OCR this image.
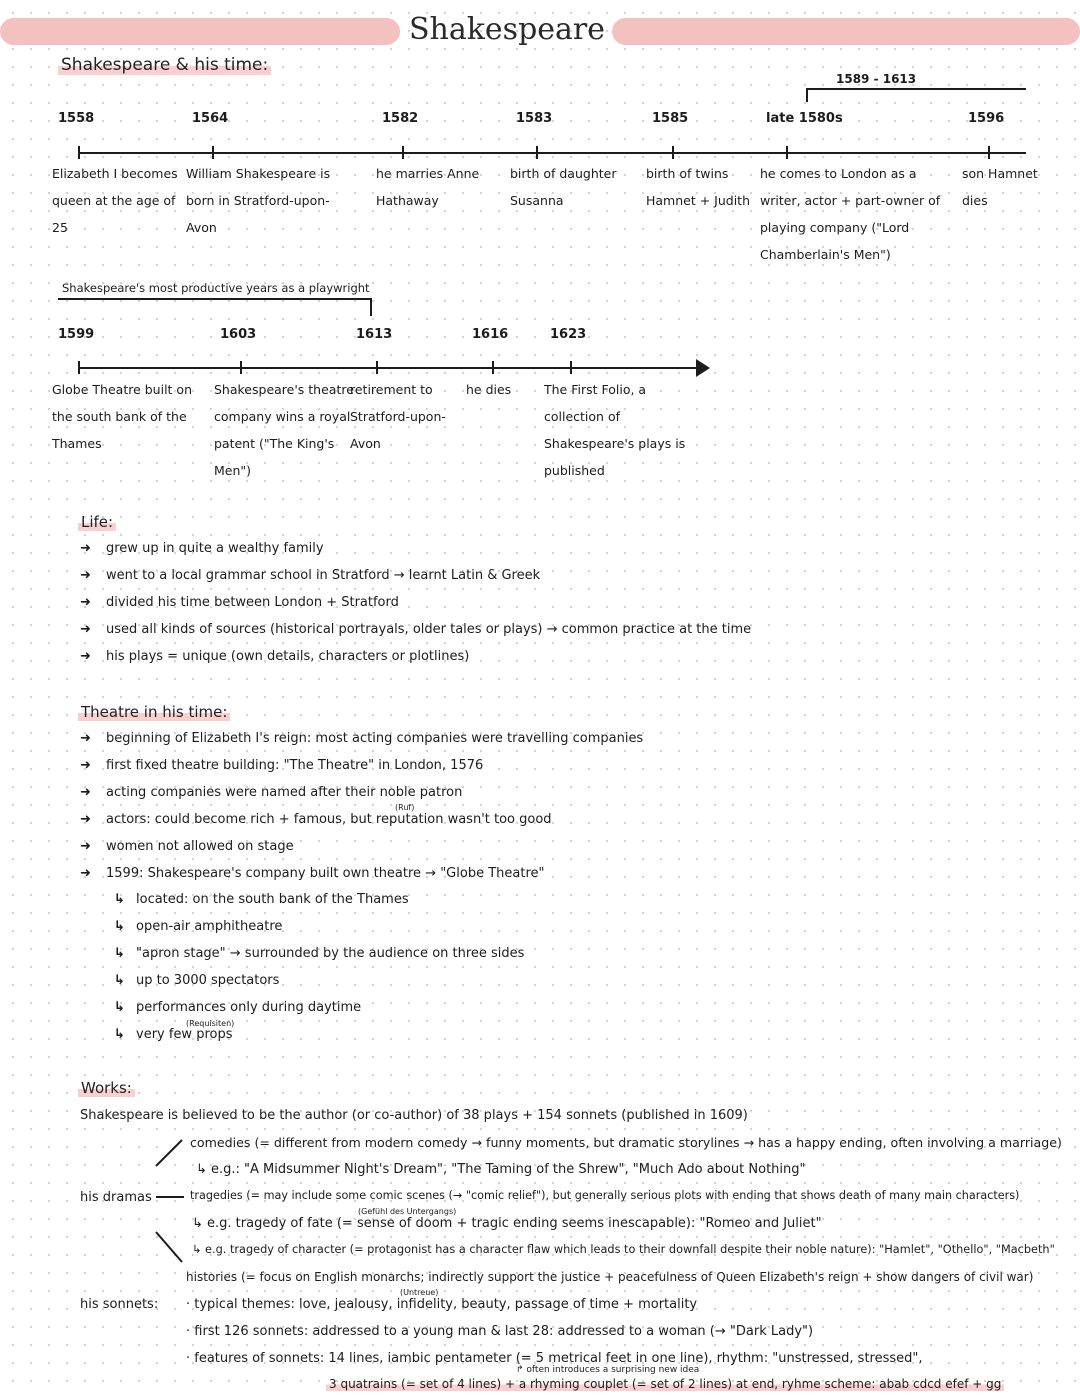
Shakespeare
Shakespeare & his time:
1589 - 1613
1558
Elizabeth I becomes queen at the age of 25
1564
William Shakespeare is born in Stratford-upon-Avon
1582
he marries Anne Hathaway
1583
birth of daughter Susanna
1585
birth of twins Hamnet + Judith
late 1580s
he comes to London as a writer, actor + part-owner of playing company ("Lord Chamberlain's Men")
1596
son Hamnet dies
Shakespeare's most productive years as a playwright
1599
Globe Theatre built on the south bank of the Thames
1603
Shakespeare's theatre company wins a royal patent ("The King's Men")
1613
retirement to Stratford-upon-Avon
1616
he dies
1623
The First Folio, a collection of Shakespeare's plays is published
Life:
➜ grew up in quite a wealthy family
➜ went to a local grammar school in Stratford → learnt Latin & Greek
➜ divided his time between London + Stratford
➜ used all kinds of sources (historical portrayals, older tales or plays) → common practice at the time
➜ his plays = unique (own details, characters or plotlines)
Theatre in his time:
➜ beginning of Elizabeth I's reign: most acting companies were travelling companies
➜ first fixed theatre building: "The Theatre" in London, 1576
➜ acting companies were named after their noble patron
➜ actors: could become rich + famous, but reputation wasn't too good
➜ women not allowed on stage
➜ 1599: Shakespeare's company built own theatre → "Globe Theatre"
(Ruf)
↳ located: on the south bank of the Thames
↳ open-air amphitheatre
↳ "apron stage" → surrounded by the audience on three sides
↳ up to 3000 spectators
↳ performances only during daytime
↳ very few props
(Requisiten)
Works:
Shakespeare is believed to be the author (or co-author) of 38 plays + 154 sonnets (published in 1609)
his dramas
comedies (= different from modern comedy → funny moments, but dramatic storylines → has a happy ending, often involving a marriage)
↳ e.g.: "A Midsummer Night's Dream", "The Taming of the Shrew", "Much Ado about Nothing"
tragedies (= may include some comic scenes (→ "comic relief"), but generally serious plots with ending that shows death of many main characters)
(Gefühl des Untergangs)
↳ e.g. tragedy of fate (= sense of doom + tragic ending seems inescapable): "Romeo and Juliet"
↳ e.g. tragedy of character (= protagonist has a character flaw which leads to their downfall despite their noble nature): "Hamlet", "Othello", "Macbeth"
histories (= focus on English monarchs; indirectly support the justice + peacefulness of Queen Elizabeth's reign + show dangers of civil war)
(Untreue)
his sonnets: · typical themes: love, jealousy, infidelity, beauty, passage of time + mortality
· first 126 sonnets: addressed to a young man & last 28: addressed to a woman (→ "Dark Lady")
· features of sonnets: 14 lines, iambic pentameter (= 5 metrical feet in one line), rhythm: "unstressed, stressed",
↱ often introduces a surprising new idea
3 quatrains (= set of 4 lines) + a rhyming couplet (= set of 2 lines) at end, ryhme scheme: abab cdcd efef + gg
